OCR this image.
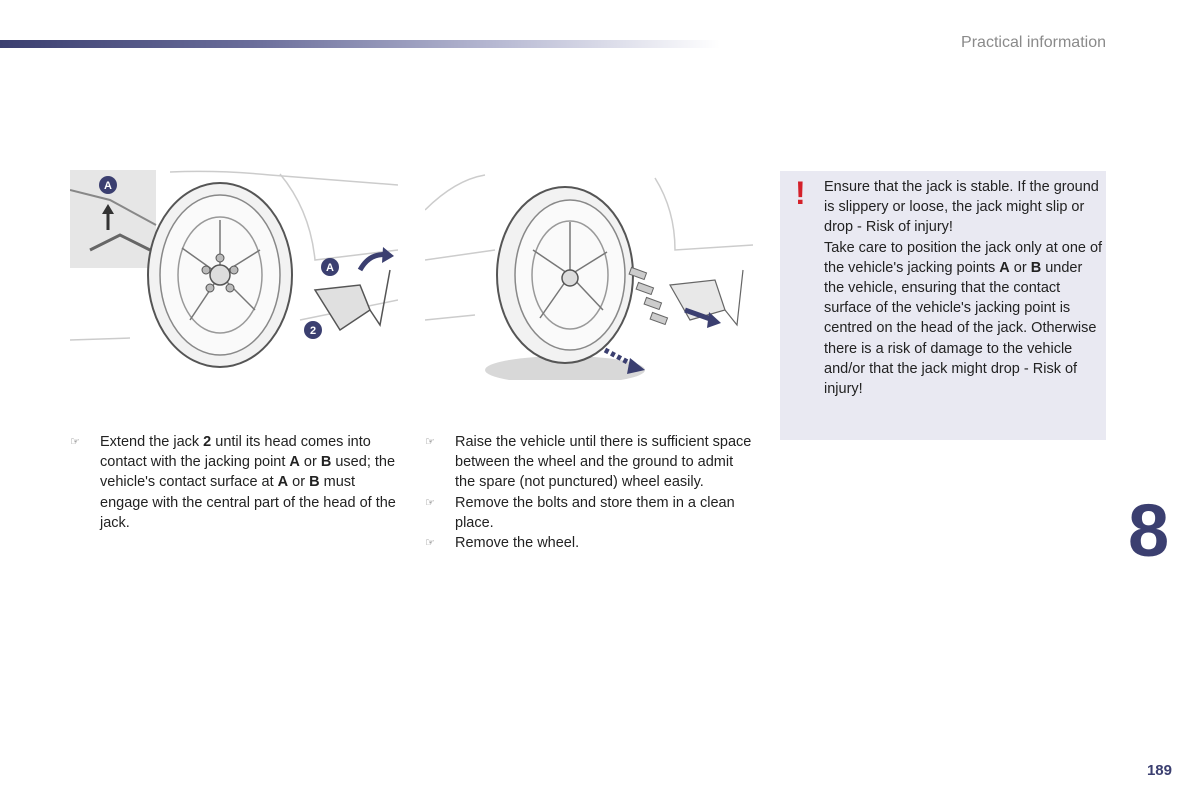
Practical information
A
A
2
☞ Extend the jack 2 until its head comes into contact with the jacking point A or B used; the vehicle's contact surface at A or B must engage with the central part of the head of the jack.
☞ Raise the vehicle until there is sufficient space between the wheel and the ground to admit the spare (not punctured) wheel easily.
☞ Remove the bolts and store them in a clean place.
☞ Remove the wheel.
! Ensure that the jack is stable. If the ground is slippery or loose, the jack might slip or drop - Risk of injury!
Take care to position the jack only at one of the vehicle's jacking points A or B under the vehicle, ensuring that the contact surface of the vehicle's jacking point is centred on the head of the jack. Otherwise there is a risk of damage to the vehicle and/or that the jack might drop - Risk of injury!

8
189
